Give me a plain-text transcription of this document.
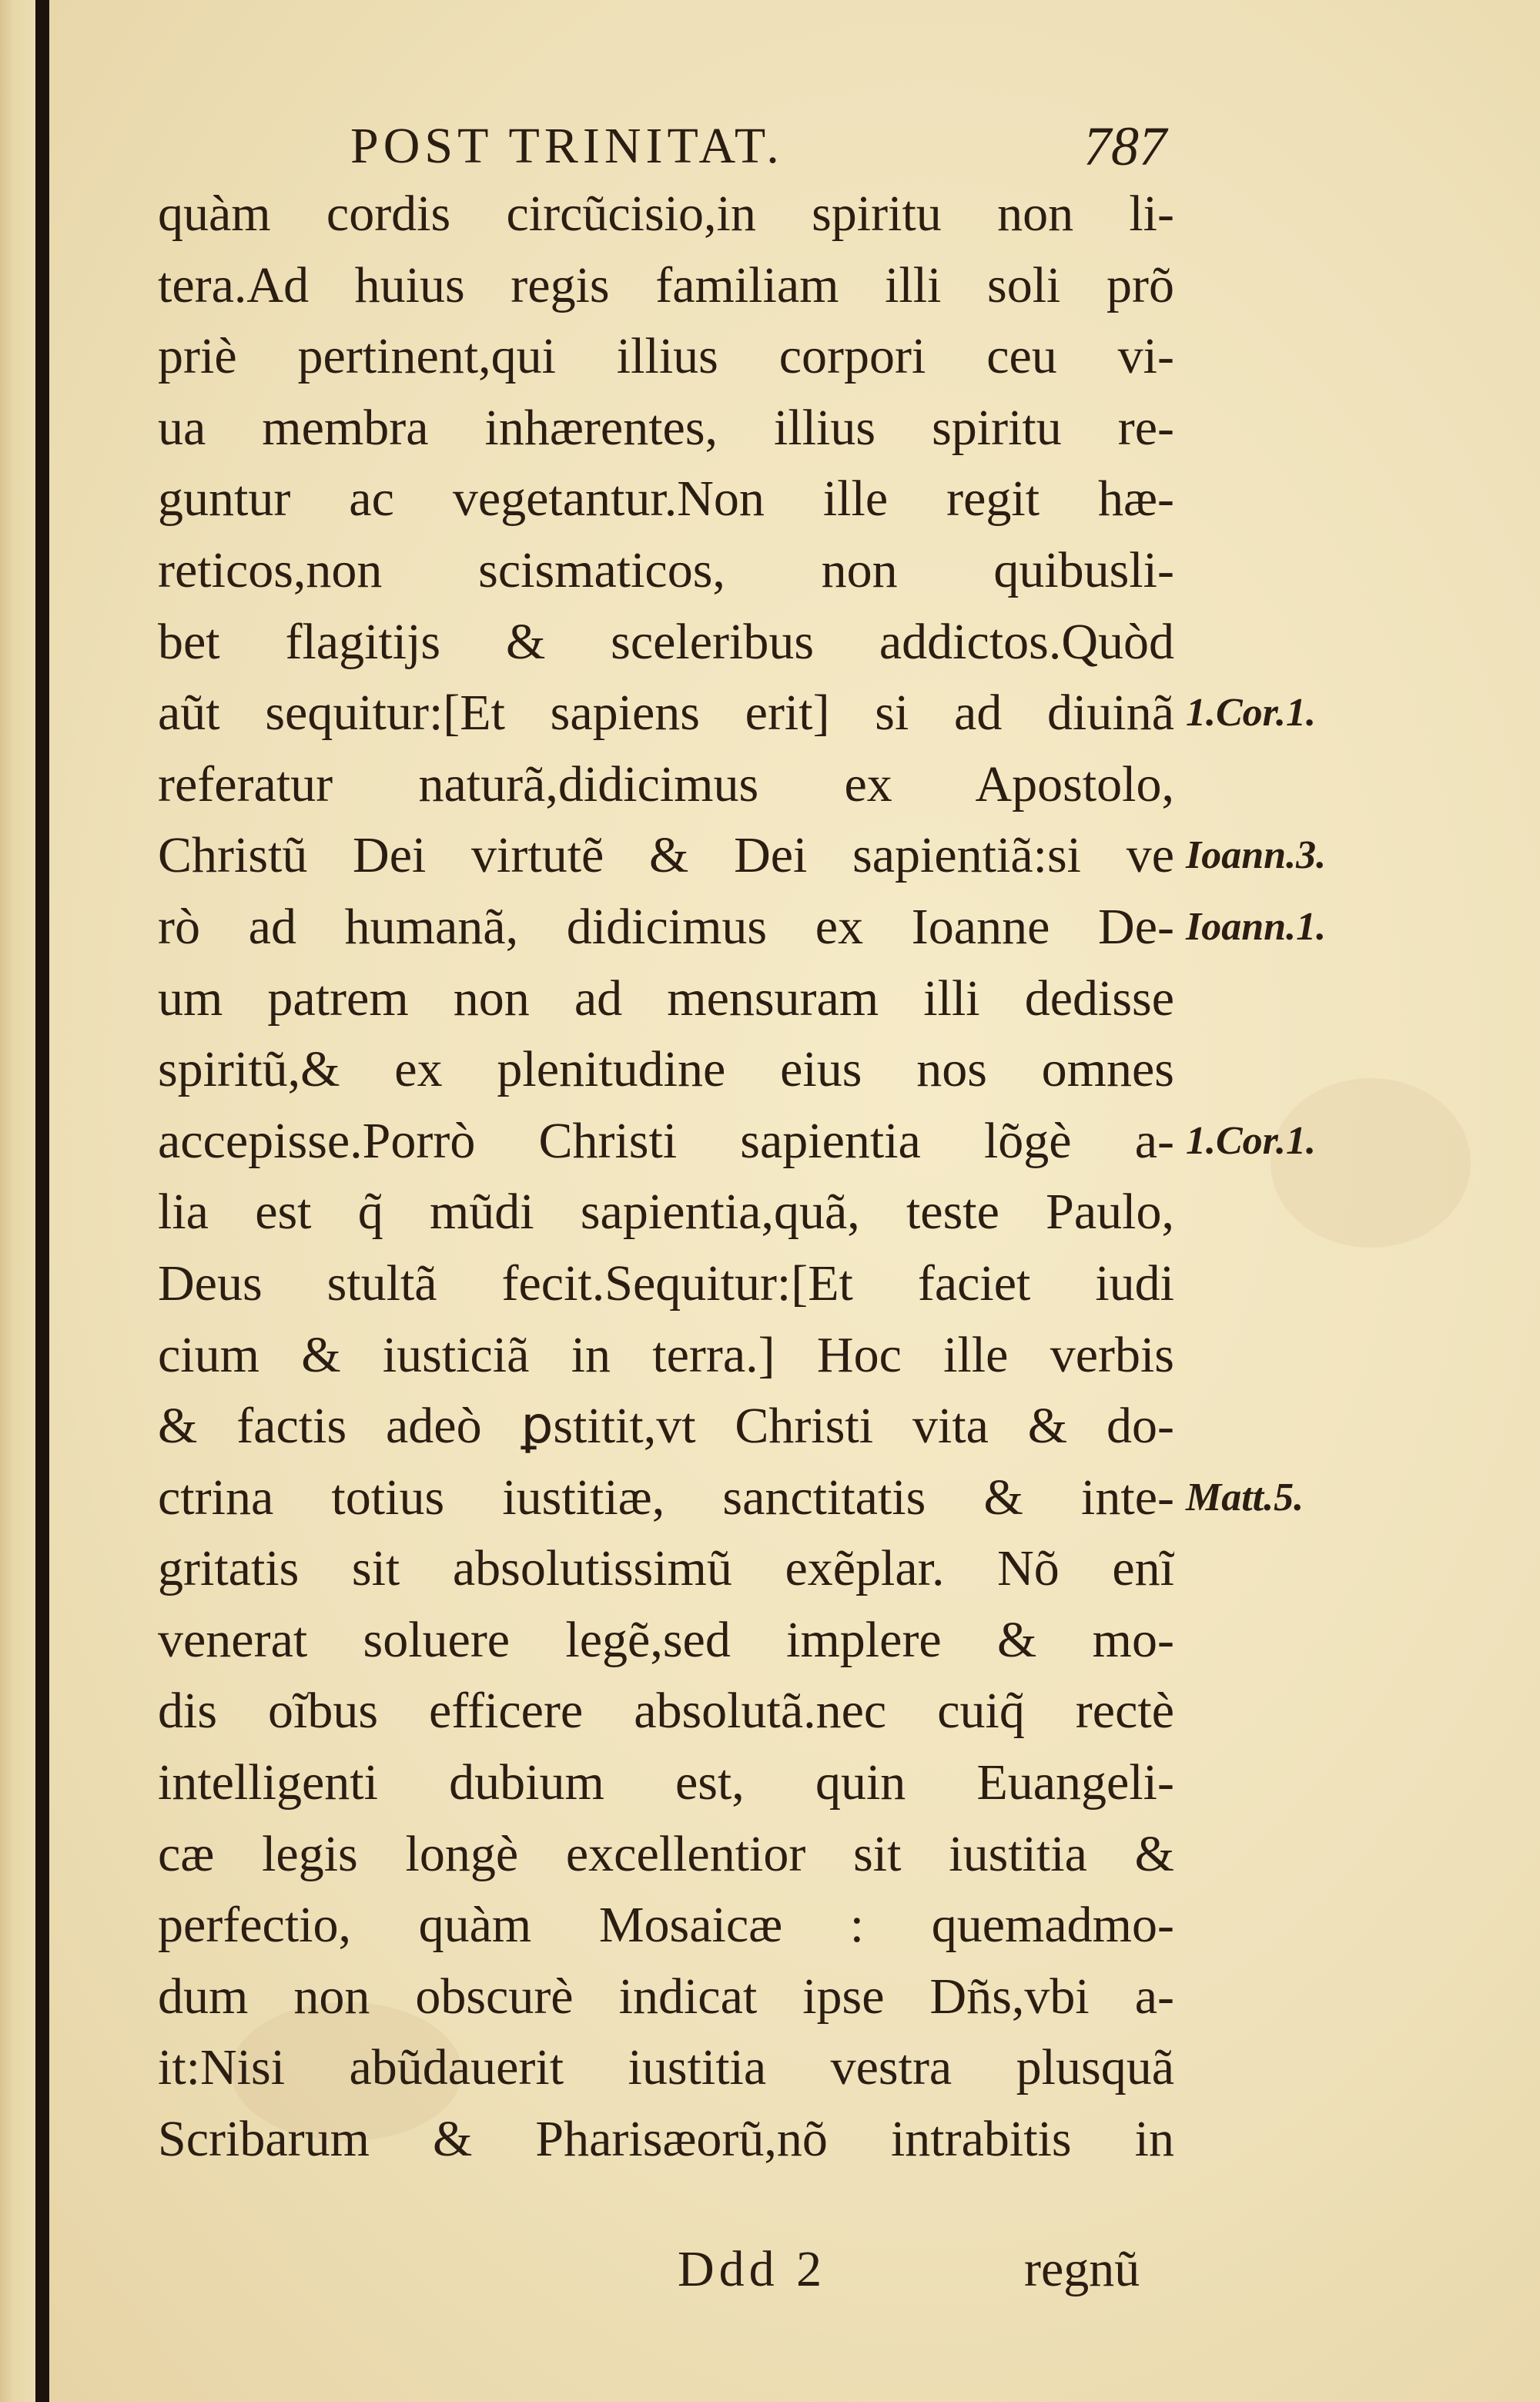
POST TRINITAT.	787
quàm cordis circũcisio,in spiritu non li-
tera.Ad huius regis familiam illi soli prõ
priè pertinent,qui illius corpori ceu vi-
ua membra inhærentes, illius spiritu re-
guntur ac vegetantur.Non ille regit hæ-
reticos,non scismaticos, non quibusli-
bet flagitijs & sceleribus addictos.Quòd
aũt sequitur:[Et sapiens erit] si ad diuinã
referatur naturã,didicimus ex Apostolo,
Christũ Dei virtutẽ & Dei sapientiã:si ve
rò ad humanã, didicimus ex Ioanne De-
um patrem non ad mensuram illi dedisse
spiritũ,& ex plenitudine eius nos omnes
accepisse.Porrò Christi sapientia lõgè a-
lia est q̃ mũdi sapientia,quã, teste Paulo,
Deus stultã fecit.Sequitur:[Et faciet iudi
cium & iusticiã in terra.] Hoc ille verbis
& factis adeò ꝑstitit,vt Christi vita & do-
ctrina totius iustitiæ, sanctitatis & inte-
gritatis sit absolutissimũ exẽplar. Nõ enĩ
venerat soluere legẽ,sed implere & mo-
dis oĩbus efficere absolutã.nec cuiq̃ rectè
intelligenti dubium est, quin Euangeli-
cæ legis longè excellentior sit iustitia &
perfectio, quàm Mosaicæ : quemadmo-
dum non obscurè indicat ipse Dñs,vbi a-
it:Nisi abũdauerit iustitia vestra plusquã
Scribarum & Pharisæorũ,nõ intrabitis in
1.Cor.1.
Ioann.3.
Ioann.1.
1.Cor.1.
Matt.5.
Ddd 2	regnũ
